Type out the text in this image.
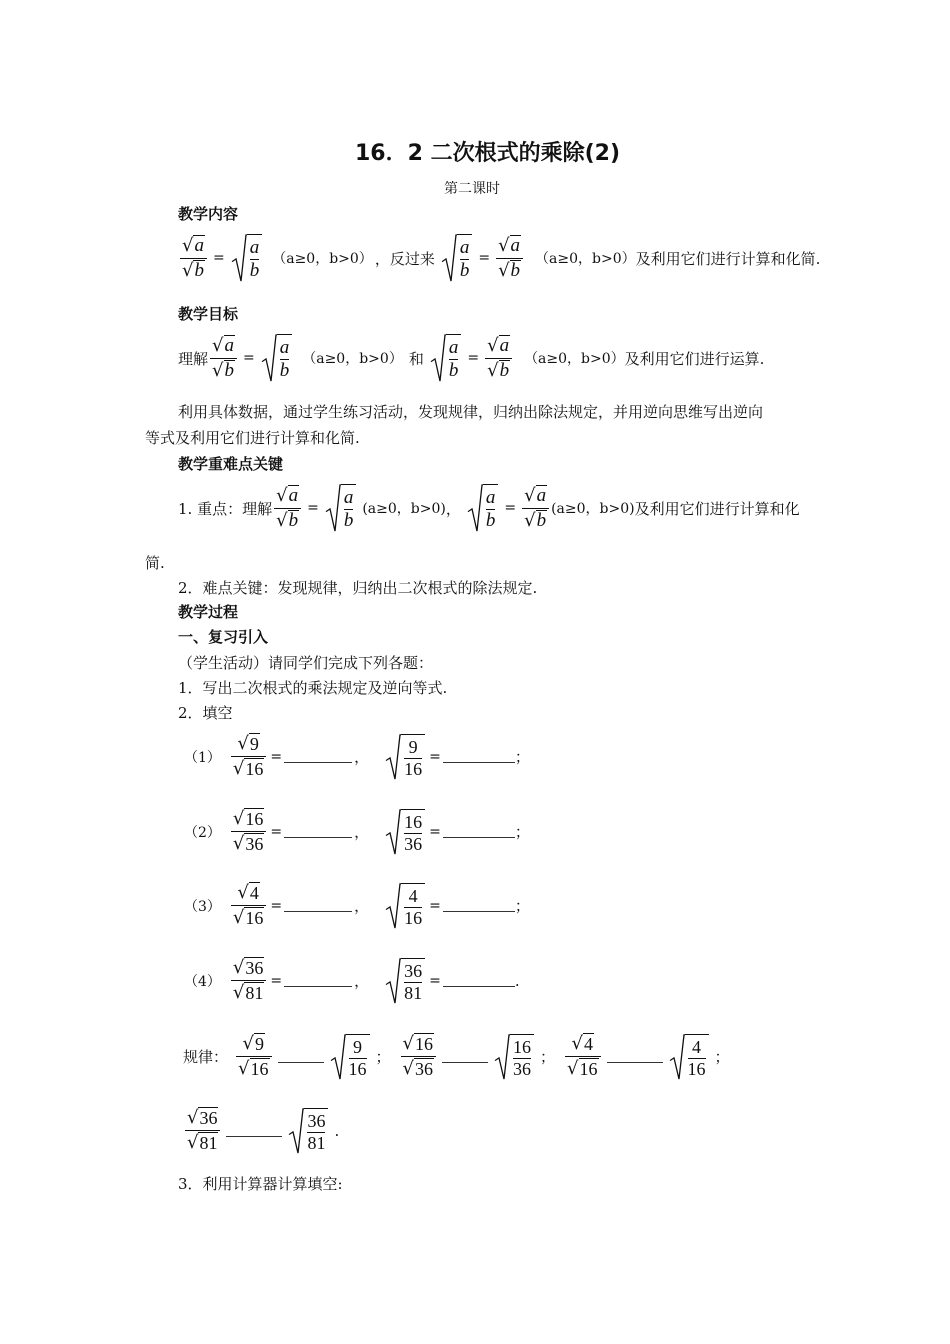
16．2 二次根式的乘除(2)
第二课时
教学内容
$\frac{√ a}{√ b} = a$
b
（a≥0，b>0） ，反过来
a
b
= $\frac{√ a}{√ b} (a\ge 0$，b>0） 及利用它们进行计算和化简.
教学目标
理解 $\frac{√ a}{√ b} = a$
b
（a≥0，b>0） 和
a
b
= $\frac{√ a}{√ b} (a\ge 0$，b>0） 及利用它们进行运算.
利用具体数据，通过学生练习活动，发现规律，归纳出除法规定，并用逆向思维写出逆向
等式及利用它们进行计算和化简.
教学重难点关键
1. 重点：理解 $\frac{√ a}{√ b} = a$
b
(a≥0，b>0) ，
a
b
= $\frac{√ a}{√ b} (a\ge 0$，b>0) 及利用它们进行计算和化
简.
2．难点关键：发现规律，归纳出二次根式的除法规定.
教学过程
一、复习引入
（学生活动）请同学们完成下列各题：
1．写出二次根式的乘法规定及逆向等式.
2．填空
$(1) \frac{√ 9}{√ 16}$ =	，
9
16
=	；
$(2) \frac{√ 16}{√ 36}$ =	，
16
36
=	；
$(3) \frac{√ 4}{√ 16}$ =	，
4
16
=	；
$(4) \frac{√ 36}{√ 81}$ =	，
36
81
=	.
规律： $\frac{√ 9}{√ 16}$	9
16
； $\frac{√ 16}{√ 36}$	16
36
； $\frac{√ 4}{√ 16}$	4
16
；
$\frac{√ 36}{√ 81}$	36
81
.
3．利用计算器计算填空:
